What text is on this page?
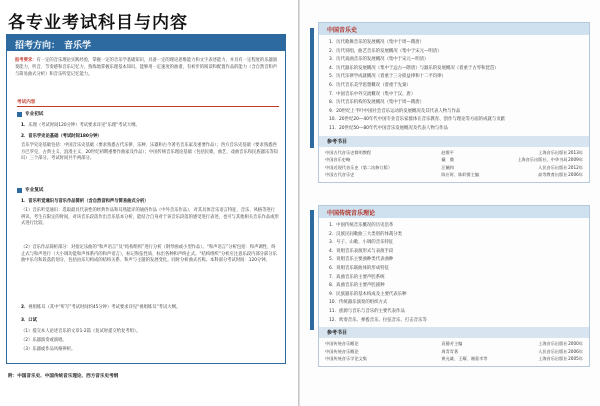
各专业考试科目与内容
招考方向： 音乐学
报考要求：有一定的音乐理论实践经验，掌握一定的音乐学基础知识，具备一定的理论思维能力和文字表述能力，并具有一定程度的乐器演奏能力，听音、节奏感和音乐记忆力，熟练地掌握乐理基本知识，能够用一定速度的曲谱，有初步的阅读和配置作品的能力（含自然音和声与简易曲式分析）和音乐听觉记忆能力。
考试内容
专业初试
1．乐理（考试时间120分钟）考试要求详见“乐理”考试大纲。
2．音乐学史论基础（考试时间180分钟）
音乐学史论基础包括：中国音乐史基础（要求熟悉古代乐律、乐种、乐器和古今著名音乐家及重要作品）；西方音乐史基础（要求熟悉西方巴罗克、古典主义、浪漫主义、20世纪初期重要作曲家及作品）；中国传统音乐理论基础（包括民歌、曲艺、戏曲音乐和民族器乐等知识）三个部分。考试时间共半两部分。
专业复试
1．音乐听觉通识与音乐作品简析（含自然音和声与简易曲式分析）
（1）音乐听觉通识：选取最具代表性的经典作品和耳熟能详的通俗作品（中外音乐作品），对其具体音乐语言特征、音乐、风格等进行辨识。考生在限定的时间，对该音乐段落作出音乐基本分析，能结合自身对于该音乐段落的感受进行表述，也可与其他相关音乐作品或形式进行比较。
（2）音乐作品简析部分：对指定乐曲的“和声语言”及“结构组织”进行分析（钢琴曲或小型作品）。“和声语言”分析包括：和声调性、终止式与和声进行（大小调功能和声体系内的和声语言），标记和弦性质、标出各种和声终止式。“结构组织”分析应注意乐段内部分部分乐曲中乐句和段落的划分，包括由乐句构成的结构关系、和声与主题的发展变化。同时分析曲式名称。本科部分考试时间：120分钟。
2．视唱练耳（其中“听写”考试时间约45分钟）考试要求详见“视唱练耳”考试大纲。
3．口试
（1）提交本人论述音乐的文章1-2篇（复试时提交给复考组）。
（2）乐器演奏或演唱。
（3）乐器或作品风格辨析。
附：中国音乐史、中国传统音乐理论、西方音乐史考纲
中国音乐史
1．历代歌舞音乐的发展概况（集中于周—隋唐）
2．历代说唱、曲艺音乐的发展概况（集中于宋元—明清）
3．历代戏曲音乐的发展概况（集中于宋元—明清）
4．历代器乐的发展概况（集中于远古—隋唐）与器乐的发展概况（着重于古琴和琵琶）
5．历代乐律学成就概况（着重于三分损益律和十二平均律）
6．历代音乐美学思想概况（着重于先秦）
7．中国音乐中外交流概况（集中于汉、唐）
8．历代音乐机构的发展概况（集中于周—隋唐）
9．20世纪上半叶中国社会音乐运动的发展概况及其代表人物与作品
10．20世纪20—40年代中国专业音乐家群体在音乐教育、创作与理论等方面的成就与贡献
11．20世纪50—80年代中国音乐发展概况及代表人物与作品
参考书目
中国古代音乐史简明教程	赵维平	上海音乐出版社 2013年
中国音乐史略	戴　微	上海音乐出版社、中华书局 2009年
中国近现代音乐史（第二次修订版）	汪毓和	人民音乐出版社 2012年
中国古代音乐史	陈应时、陈聆群主编	高等教育出版社 2006年
中国传统音乐理论
1．中国传统音乐概况的历史沿革
2．汉族民间歌曲三大类别的体裁分类
3．号子、山歌、小调的音乐特征
4．说唱音乐表演形式与表演手段
5．说唱音乐主要曲种类代表曲种
6．说唱音乐联曲体的形成特征
7．戏曲音乐的主要声腔系统
8．戏曲音乐的主要声腔剧种
9．民族器乐的基本构成及主要代表乐种
10．传统器乐演奏的组织方式
11．族源与音乐与音乐的主要代表作品
12．吹奏音乐、弹拨音乐、拉弦音乐、打击音乐等
参考书目
中国传统音乐概论	袁静芳主编	上海音乐出版社 2000年
中国传统音乐概论	周青青著	人民音乐出版社 2006年
中国传统音乐学论文集	黄允箴、王耀、谢嘉幸等	上海音乐出版社 2005年
